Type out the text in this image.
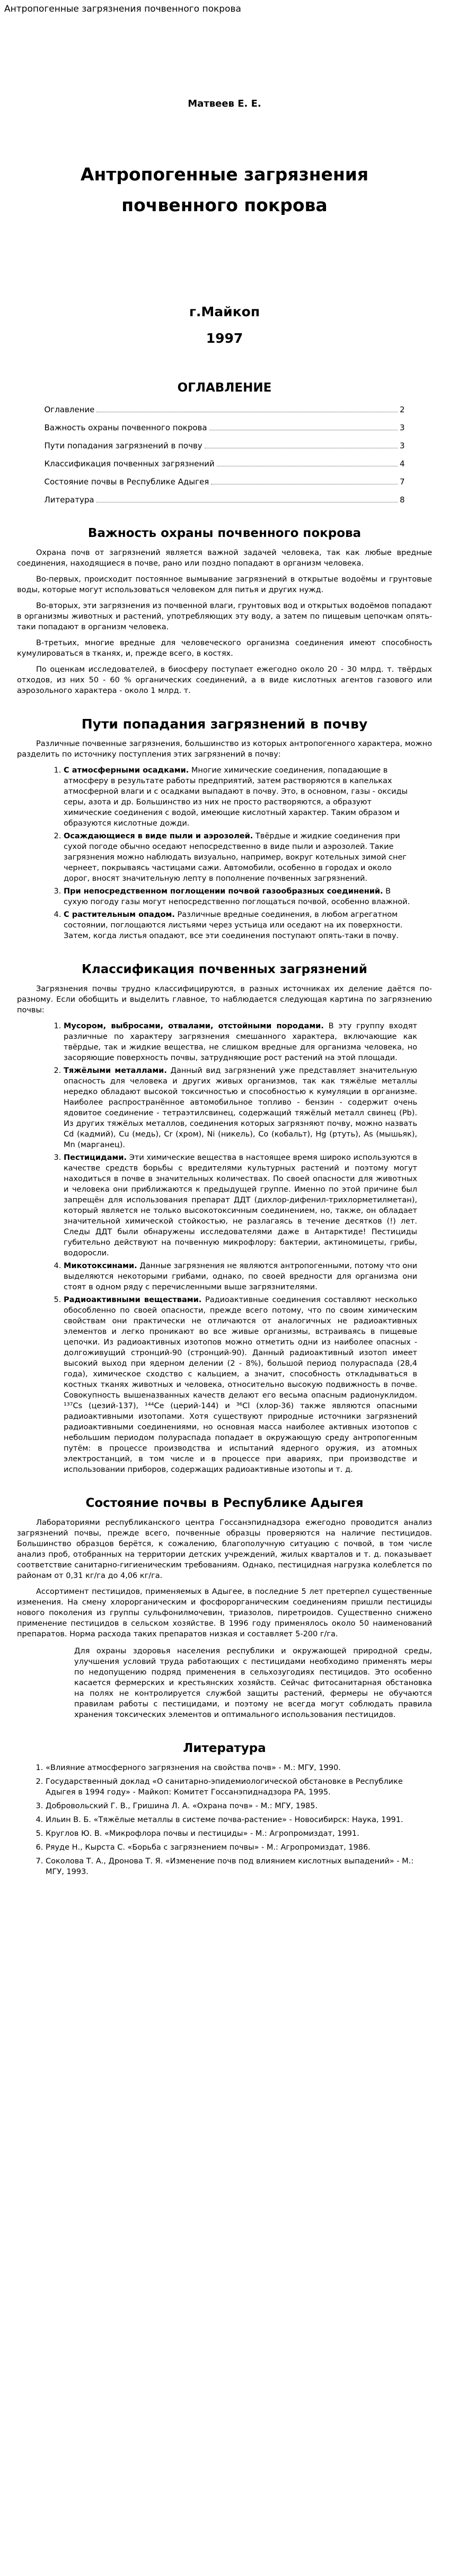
Антропогенные загрязнения почвенного покрова
Матвеев Е. Е.
Антропогенные загрязнения
почвенного покрова
г.Майкоп
1997
ОГЛАВЛЕНИЕ
Оглавление	2
Важность охраны почвенного покрова	3
Пути попадания загрязнений в почву	3
Классификация почвенных загрязнений	4
Состояние почвы в Республике Адыгея	7
Литература	8
Важность охраны почвенного покрова

Охрана почв от загрязнений является важной задачей человека, так как любые вредные соединения, находящиеся в почве, рано или поздно попадают в организм человека.

Во-первых, происходит постоянное вымывание загрязнений в открытые водоёмы и грунтовые воды, которые могут использоваться человеком для питья и других нужд.

Во-вторых, эти загрязнения из почвенной влаги, грунтовых вод и открытых водоёмов попадают в организмы животных и растений, употребляющих эту воду, а затем по пищевым цепочкам опять-таки попадают в организм человека.

В-третьих, многие вредные для человеческого организма соединения имеют способность кумулироваться в тканях, и, прежде всего, в костях.

По оценкам исследователей, в биосферу поступает ежегодно около 20 - 30 млрд. т. твёрдых отходов, из них 50 - 60 % органических соединений, а в виде кислотных агентов газового или аэрозольного характера - около 1 млрд. т.

Пути попадания загрязнений в почву

Различные почвенные загрязнения, большинство из которых антропогенного характера, можно разделить по источнику поступления этих загрязнений в почву:

1. С атмосферными осадками. Многие химические соединения, попадающие в атмосферу в результате работы предприятий, затем растворяются в капельках атмосферной влаги и с осадками выпадают в почву. Это, в основном, газы - оксиды серы, азота и др. Большинство из них не просто растворяются, а образуют химические соединения с водой, имеющие кислотный характер. Таким образом и образуются кислотные дожди.
2. Осаждающиеся в виде пыли и аэрозолей. Твёрдые и жидкие соединения при сухой погоде обычно оседают непосредственно в виде пыли и аэрозолей. Такие загрязнения можно наблюдать визуально, например, вокруг котельных зимой снег чернеет, покрываясь частицами сажи. Автомобили, особенно в городах и около дорог, вносят значительную лепту в пополнение почвенных загрязнений.
3. При непосредственном поглощении почвой газообразных соединений. В сухую погоду газы могут непосредственно поглощаться почвой, особенно влажной.
4. С растительным опадом. Различные вредные соединения, в любом агрегатном состоянии, поглощаются листьями через устьица или оседают на их поверхности. Затем, когда листья опадают, все эти соединения поступают опять-таки в почву.
Классификация почвенных загрязнений

Загрязнения почвы трудно классифицируются, в разных источниках их деление даётся по-разному. Если обобщить и выделить главное, то наблюдается следующая картина по загрязнению почвы:

1. Мусором, выбросами, отвалами, отстойными породами. В эту группу входят различные по характеру загрязнения смешанного характера, включающие как твёрдые, так и жидкие вещества, не слишком вредные для организма человека, но засоряющие поверхность почвы, затрудняющие рост растений на этой площади.
2. Тяжёлыми металлами. Данный вид загрязнений уже представляет значительную опасность для человека и других живых организмов, так как тяжёлые металлы нередко обладают высокой токсичностью и способностью к кумуляции в организме. Наиболее распространённое автомобильное топливо - бензин - содержит очень ядовитое соединение - тетраэтилсвинец, содержащий тяжёлый металл свинец (Pb). Из других тяжёлых металлов, соединения которых загрязняют почву, можно назвать Cd (кадмий), Cu (медь), Cr (хром), Ni (никель), Co (кобальт), Hg (ртуть), As (мышьяк), Mn (марганец).
3. Пестицидами. Эти химические вещества в настоящее время широко используются в качестве средств борьбы с вредителями культурных растений и поэтому могут находиться в почве в значительных количествах. По своей опасности для животных и человека они приближаются к предыдущей группе. Именно по этой причине был запрещён для использования препарат ДДТ (дихлор-дифенил-трихлорметилметан), который является не только высокотоксичным соединением, но, также, он обладает значительной химической стойкостью, не разлагаясь в течение десятков (!) лет. Следы ДДТ были обнаружены исследователями даже в Антарктиде! Пестициды губительно действуют на почвенную микрофлору: бактерии, актиномицеты, грибы, водоросли.
4. Микотоксинами. Данные загрязнения не являются антропогенными, потому что они выделяются некоторыми грибами, однако, по своей вредности для организма они стоят в одном ряду с перечисленными выше загрязнителями.
5. Радиоактивными веществами. Радиоактивные соединения составляют несколько обособленно по своей опасности, прежде всего потому, что по своим химическим свойствам они практически не отличаются от аналогичных не радиоактивных элементов и легко проникают во все живые организмы, встраиваясь в пищевые цепочки. Из радиоактивных изотопов можно отметить одни из наиболее опасных - долгоживущий стронций-90 (стронций-90). Данный радиоактивный изотоп имеет высокий выход при ядерном делении (2 - 8%), большой период полураспада (28,4 года), химическое сходство с кальцием, а значит, способность откладываться в костных тканях животных и человека, относительно высокую подвижность в почве. Совокупность вышеназванных качеств делают его весьма опасным радионуклидом. ¹³⁷Cs (цезий-137), ¹⁴⁴Ce (церий-144) и ³⁶Cl (хлор-36) также являются опасными радиоактивными изотопами. Хотя существуют природные источники загрязнений радиоактивными соединениями, но основная масса наиболее активных изотопов с небольшим периодом полураспада попадает в окружающую среду антропогенным путём: в процессе производства и испытаний ядерного оружия, из атомных электростанций, в том числе и в процессе при авариях, при производстве и использовании приборов, содержащих радиоактивные изотопы и т. д.
Состояние почвы в Республике Адыгея

Лабораториями республиканского центра Госсанэпиднадзора ежегодно проводится анализ загрязнений почвы, прежде всего, почвенные образцы проверяются на наличие пестицидов. Большинство образцов берётся, к сожалению, благополучную ситуацию с почвой, в том числе анализ проб, отобранных на территории детских учреждений, жилых кварталов и т. д. показывает соответствие санитарно-гигиеническим требованиям. Однако, пестицидная нагрузка колеблется по районам от 0,31 кг/га до 4,06 кг/га.

Ассортимент пестицидов, применяемых в Адыгее, в последние 5 лет претерпел существенные изменения. На смену хлорорганическим и фосфорорганическим соединениям пришли пестициды нового поколения из группы сульфонилмочевин, триазолов, пиретроидов. Существенно снижено применение пестицидов в сельском хозяйстве. В 1996 году применялось около 50 наименований препаратов. Норма расхода таких препаратов низкая и составляет 5-200 г/га.

Для охраны здоровья населения республики и окружающей природной среды, улучшения условий труда работающих с пестицидами необходимо применять меры по недопущению подряд применения в сельхозугодиях пестицидов. Это особенно касается фермерских и крестьянских хозяйств. Сейчас фитосанитарная обстановка на полях не контролируется службой защиты растений, фермеры не обучаются правилам работы с пестицидами, и поэтому не всегда могут соблюдать правила хранения токсических элементов и оптимального использования пестицидов.
Литература
1. «Влияние атмосферного загрязнения на свойства почв» - М.: МГУ, 1990.
2. Государственный доклад «О санитарно-эпидемиологической обстановке в Республике Адыгея в 1994 году» - Майкоп: Комитет Госсанэпиднадзора РА, 1995.
3. Добровольский Г. В., Гришина Л. А. «Охрана почв» - М.: МГУ, 1985.
4. Ильин В. Б. «Тяжёлые металлы в системе почва-растение» - Новосибирск: Наука, 1991.
5. Круглов Ю. В. «Микрофлора почвы и пестициды» - М.: Агропромиздат, 1991.
6. Ряуде Н., Кырста С. «Борьба с загрязнением почвы» - М.: Агропромиздат, 1986.
7. Соколова Т. А., Дронова Т. Я. «Изменение почв под влиянием кислотных выпадений» - М.: МГУ, 1993.
